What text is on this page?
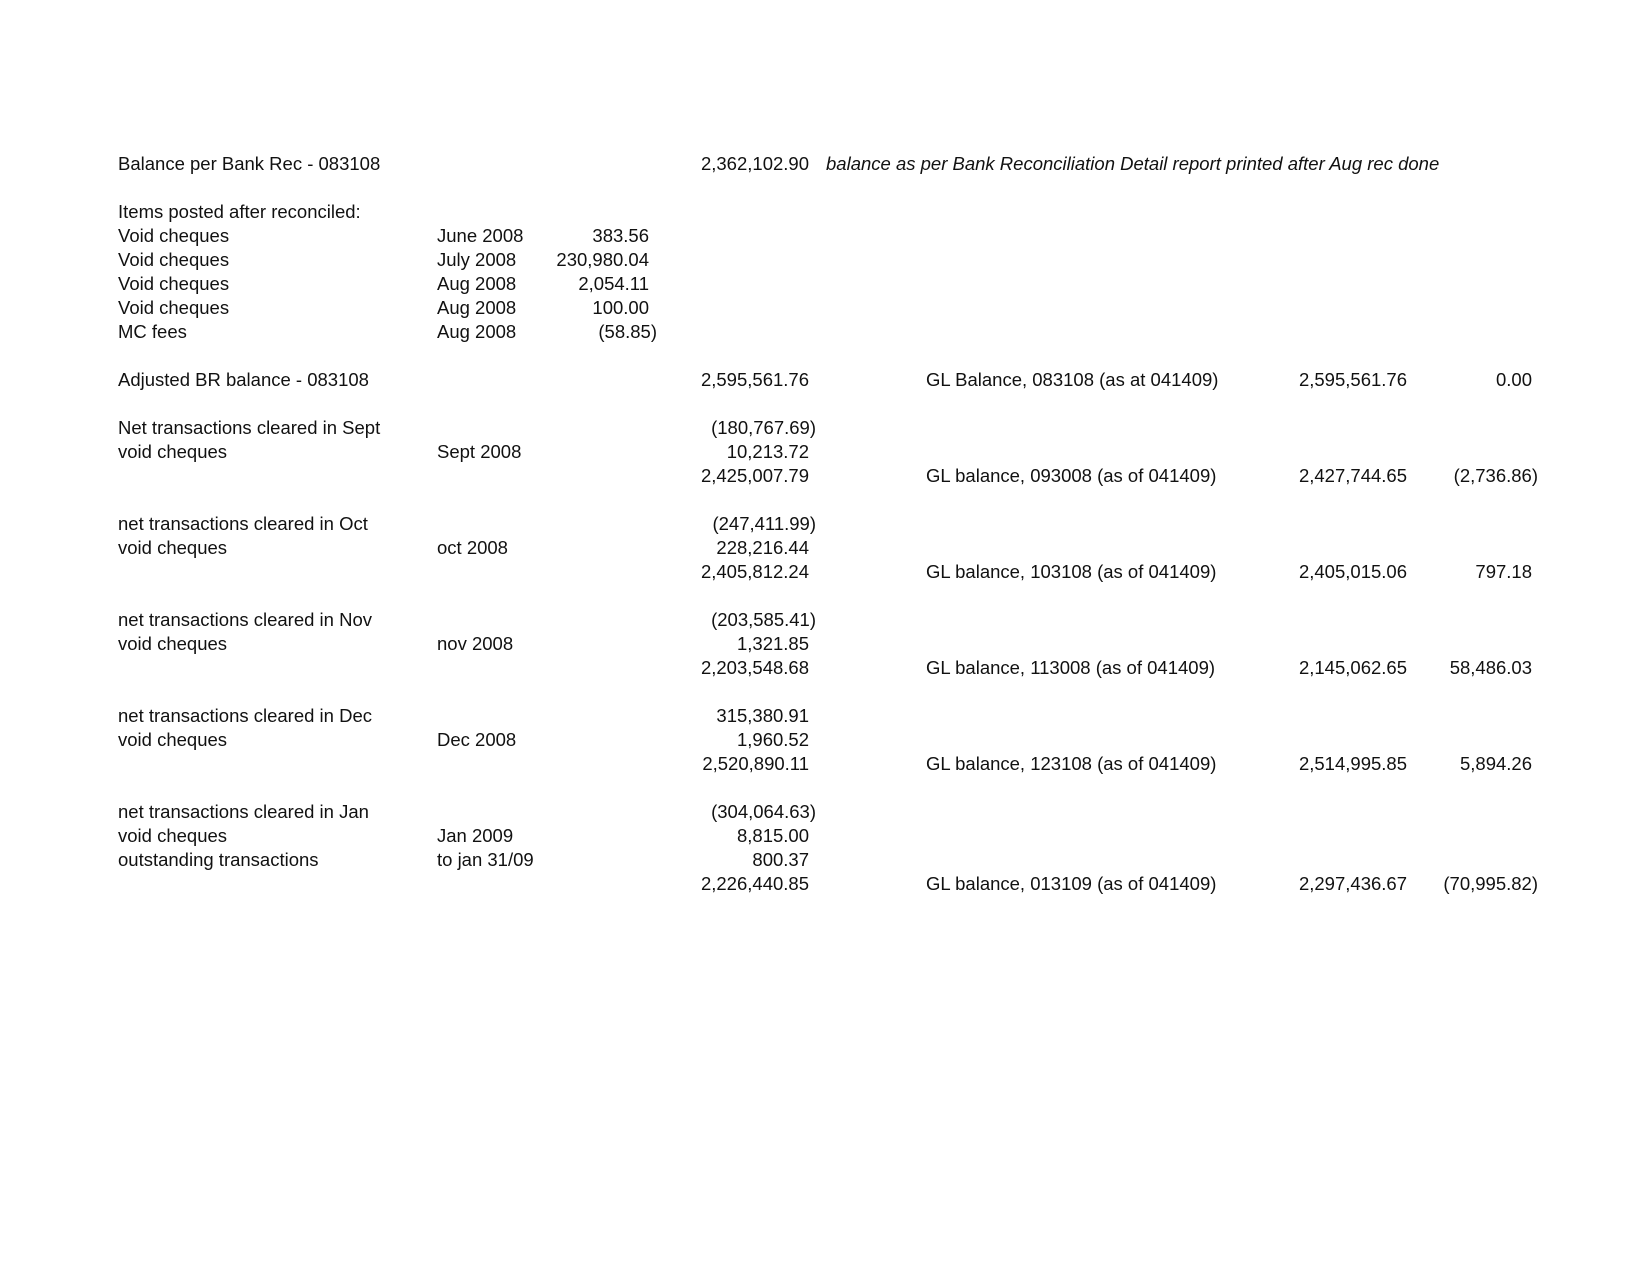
Balance per Bank Rec - 083108	2,362,102.90 balance as per Bank Reconciliation Detail report printed after Aug rec done
Items posted after reconciled:
Void cheques	June 2008	383.56
Void cheques	July 2008 230,980.04
Void cheques	Aug 2008	2,054.11
Void cheques	Aug 2008	100.00
MC fees	Aug 2008	(58.85)
Adjusted BR balance - 083108	2,595,561.76	GL Balance, 083108 (as at 041409)	2,595,561.76	0.00
Net transactions cleared in Sept	(180,767.69)
void cheques	Sept 2008	10,213.72
2,425,007.79	GL balance, 093008 (as of 041409)	2,427,744.65	(2,736.86)
net transactions cleared in Oct	(247,411.99)
void cheques	oct 2008	228,216.44
2,405,812.24	GL balance, 103108 (as of 041409)	2,405,015.06	797.18
net transactions cleared in Nov	(203,585.41)
void cheques	nov 2008	1,321.85
2,203,548.68	GL balance, 113008 (as of 041409)	2,145,062.65 58,486.03
net transactions cleared in Dec	315,380.91
void cheques	Dec 2008	1,960.52
2,520,890.11	GL balance, 123108 (as of 041409)	2,514,995.85	5,894.26
net transactions cleared in Jan	(304,064.63)
void cheques	Jan 2009	8,815.00
outstanding transactions	to jan 31/09	800.37
2,226,440.85	GL balance, 013109 (as of 041409)	2,297,436.67 (70,995.82)
